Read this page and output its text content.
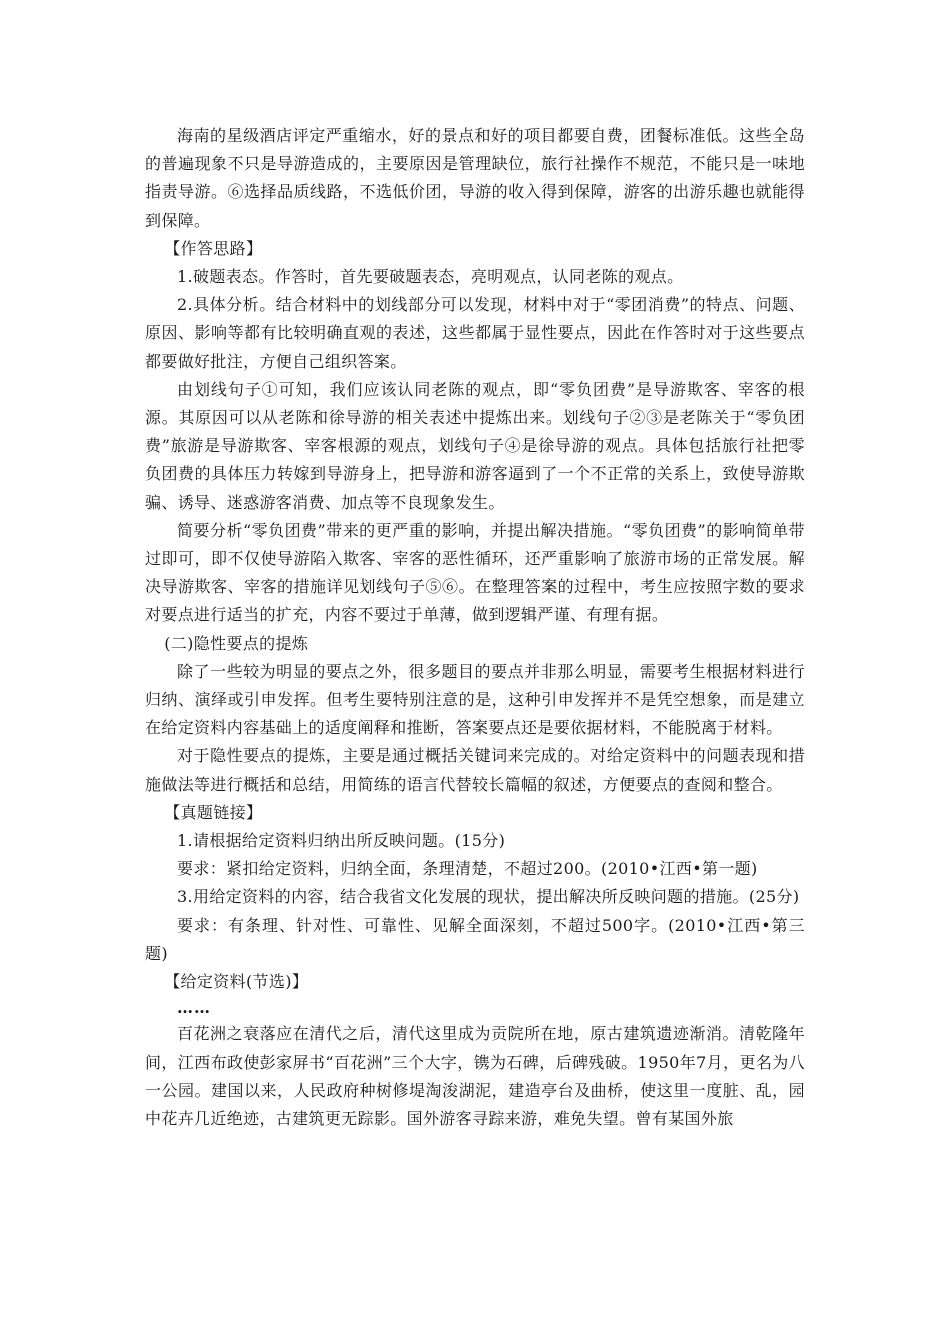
海南的星级酒店评定严重缩水，好的景点和好的项目都要自费，团餐标准低。这些全岛的普遍现象不只是导游造成的，主要原因是管理缺位，旅行社操作不规范，不能只是一味地指责导游。⑥选择品质线路，不选低价团，导游的收入得到保障，游客的出游乐趣也就能得到保障。

【作答思路】

1.破题表态。作答时，首先要破题表态，亮明观点，认同老陈的观点。

2.具体分析。结合材料中的划线部分可以发现，材料中对于“零团消费”的特点、问题、原因、影响等都有比较明确直观的表述，这些都属于显性要点，因此在作答时对于这些要点都要做好批注，方便自己组织答案。

由划线句子①可知，我们应该认同老陈的观点，即“零负团费”是导游欺客、宰客的根源。其原因可以从老陈和徐导游的相关表述中提炼出来。划线句子②③是老陈关于“零负团费”旅游是导游欺客、宰客根源的观点，划线句子④是徐导游的观点。具体包括旅行社把零负团费的具体压力转嫁到导游身上，把导游和游客逼到了一个不正常的关系上，致使导游欺骗、诱导、迷惑游客消费、加点等不良现象发生。

简要分析“零负团费”带来的更严重的影响，并提出解决措施。“零负团费”的影响简单带过即可，即不仅使导游陷入欺客、宰客的恶性循环，还严重影响了旅游市场的正常发展。解决导游欺客、宰客的措施详见划线句子⑤⑥。在整理答案的过程中，考生应按照字数的要求对要点进行适当的扩充，内容不要过于单薄，做到逻辑严谨、有理有据。

(二)隐性要点的提炼

除了一些较为明显的要点之外，很多题目的要点并非那么明显，需要考生根据材料进行归纳、演绎或引申发挥。但考生要特别注意的是，这种引申发挥并不是凭空想象，而是建立在给定资料内容基础上的适度阐释和推断，答案要点还是要依据材料，不能脱离于材料。

对于隐性要点的提炼，主要是通过概括关键词来完成的。对给定资料中的问题表现和措施做法等进行概括和总结，用简练的语言代替较长篇幅的叙述，方便要点的查阅和整合。

【真题链接】

1.请根据给定资料归纳出所反映问题。(15分)

要求：紧扣给定资料，归纳全面，条理清楚，不超过200。(2010•江西•第一题)

3.用给定资料的内容，结合我省文化发展的现状，提出解决所反映问题的措施。(25分)

要求：有条理、针对性、可靠性、见解全面深刻，不超过500字。(2010•江西•第三题)

【给定资料(节选)】

……

百花洲之衰落应在清代之后，清代这里成为贡院所在地，原古建筑遗迹渐消。清乾隆年间，江西布政使彭家屏书“百花洲”三个大字，镌为石碑，后碑残破。1950年7月，更名为八一公园。建国以来，人民政府种树修堤淘浚湖泥，建造亭台及曲桥，使这里一度脏、乱，园中花卉几近绝迹，古建筑更无踪影。国外游客寻踪来游，难免失望。曾有某国外旅
